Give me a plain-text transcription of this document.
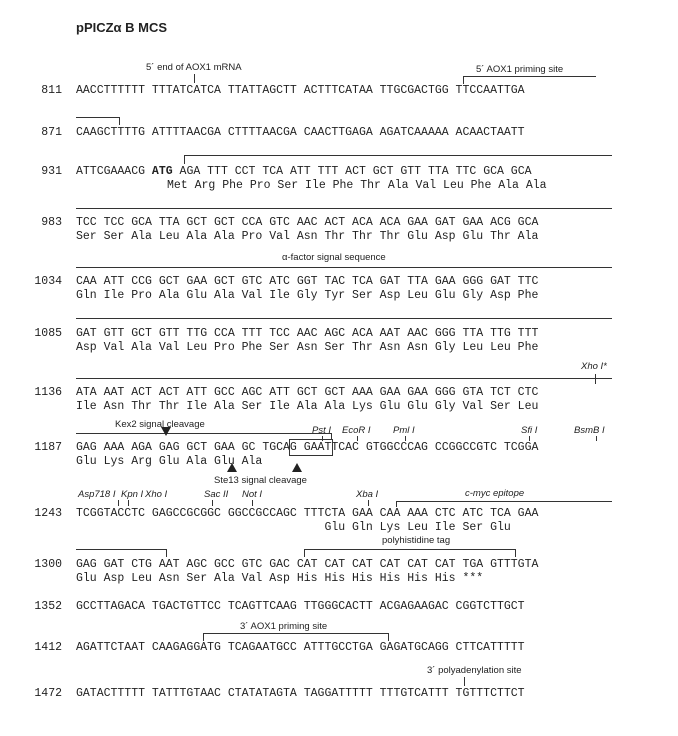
pPICZα B MCS
811 AACCTTTTTT TTTATCATCA TTATTAGCTT ACTTTCATAA TTGCGACTGG TTCCAATTGA
871 CAAGCTTTTG ATTTTAACGA CTTTTAACGA CAACTTGAGA AGATCAAAAA ACAACTAATT
931 ATTCGAAACG ATG AGA TTT CCT TCA ATT TTT ACT GCT GTT TTA TTC GCA GCA
Met Arg Phe Pro Ser Ile Phe Thr Ala Val Leu Phe Ala Ala
983 TCC TCC GCA TTA GCT GCT CCA GTC AAC ACT ACA ACA GAA GAT GAA ACG GCA
Ser Ser Ala Leu Ala Ala Pro Val Asn Thr Thr Thr Glu Asp Glu Thr Ala
1034 CAA ATT CCG GCT GAA GCT GTC ATC GGT TAC TCA GAT TTA GAA GGG GAT TTC
Gln Ile Pro Ala Glu Ala Val Ile Gly Tyr Ser Asp Leu Glu Gly Asp Phe
1085 GAT GTT GCT GTT TTG CCA TTT TCC AAC AGC ACA AAT AAC GGG TTA TTG TTT
Asp Val Ala Val Leu Pro Phe Ser Asn Ser Thr Asn Asn Gly Leu Leu Phe
1136 ATA AAT ACT ACT ATT GCC AGC ATT GCT GCT AAA GAA GAA GGG GTA TCT CTC
Ile Asn Thr Thr Ile Ala Ser Ile Ala Ala Lys Glu Glu Gly Val Ser Leu
1187 GAG AAA AGA GAG GCT GAA GC TGCAG GAATTCAC GTGGCCCAG CCGGCCGTC TCGGA
Glu Lys Arg Glu Ala Glu Ala
1243 TCGGTACCTC GAGCCGCGGC GGCCGCCAGC TTTCTA GAA CAA AAA CTC ATC TCA GAA
Glu Gln Lys Leu Ile Ser Glu
1300 GAG GAT CTG AAT AGC GCC GTC GAC CAT CAT CAT CAT CAT CAT TGA GTTTGTA
Glu Asp Leu Asn Ser Ala Val Asp His His His His His His ***
1352 GCCTTAGACA TGACTGTTCC TCAGTTCAAG TTGGGCACTT ACGAGAAGAC CGGTCTTGCT
1412 AGATTCTAAT CAAGAGGATG TCAGAATGCC ATTTGCCTGA GAGATGCAGG CTTCATTTTT
1472 GATACTTTTT TATTTGTAAC CTATATAGTA TAGGATTTTT TTTGTCATTT TGTTTCTTCT
5´ end of AOX1 mRNA	5´ AOX1 priming site
α-factor signal sequence
Xho I*
Kex2 signal cleavage
Pst I EcoR I Pml I	Sfi I	BsmB I
Ste13 signal cleavage
Asp718 I Kpn I Xho I	Sac II Not I	Xba I	c-myc epitope
polyhistidine tag
3´ AOX1 priming site
3´ polyadenylation site
